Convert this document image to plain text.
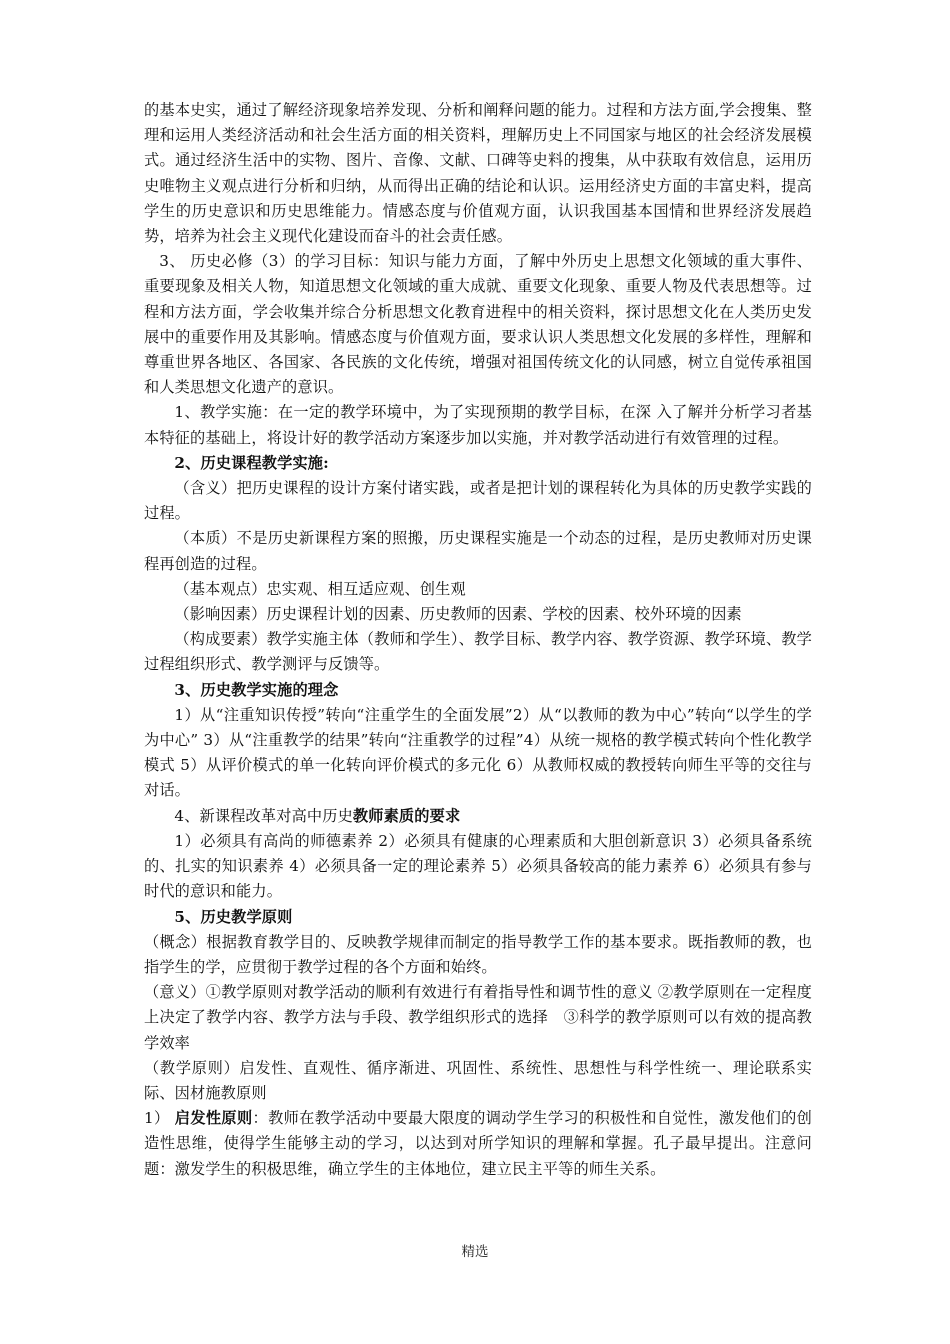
的基本史实，通过了解经济现象培养发现、分析和阐释问题的能力。过程和方法方面,学会搜集、整理和运用人类经济活动和社会生活方面的相关资料，理解历史上不同国家与地区的社会经济发展模式。通过经济生活中的实物、图片、音像、文献、口碑等史料的搜集，从中获取有效信息，运用历史唯物主义观点进行分析和归纳，从而得出正确的结论和认识。运用经济史方面的丰富史料，提高学生的历史意识和历史思维能力。情感态度与价值观方面，认识我国基本国情和世界经济发展趋势，培养为社会主义现代化建设而奋斗的社会责任感。

3、 历史必修（3）的学习目标：知识与能力方面，了解中外历史上思想文化领域的重大事件、重要现象及相关人物，知道思想文化领域的重大成就、重要文化现象、重要人物及代表思想等。过程和方法方面，学会收集并综合分析思想文化教育进程中的相关资料，探讨思想文化在人类历史发展中的重要作用及其影响。情感态度与价值观方面，要求认识人类思想文化发展的多样性，理解和尊重世界各地区、各国家、各民族的文化传统，增强对祖国传统文化的认同感，树立自觉传承祖国和人类思想文化遗产的意识。

1、教学实施：在一定的教学环境中，为了实现预期的教学目标，在深 入了解并分析学习者基本特征的基础上，将设计好的教学活动方案逐步加以实施，并对教学活动进行有效管理的过程。

2、历史课程教学实施:

（含义）把历史课程的设计方案付诸实践，或者是把计划的课程转化为具体的历史教学实践的过程。

（本质）不是历史新课程方案的照搬，历史课程实施是一个动态的过程，是历史教师对历史课程再创造的过程。

（基本观点）忠实观、相互适应观、创生观

（影响因素）历史课程计划的因素、历史教师的因素、学校的因素、校外环境的因素

（构成要素）教学实施主体（教师和学生）、教学目标、教学内容、教学资源、教学环境、教学过程组织形式、教学测评与反馈等。

3、历史教学实施的理念

1）从“注重知识传授”转向“注重学生的全面发展”2）从“以教师的教为中心”转向“以学生的学为中心” 3）从“注重教学的结果”转向“注重教学的过程”4）从统一规格的教学模式转向个性化教学模式 5）从评价模式的单一化转向评价模式的多元化 6）从教师权威的教授转向师生平等的交往与对话。

4、新课程改革对高中历史教师素质的要求

1）必须具有高尚的师德素养 2）必须具有健康的心理素质和大胆创新意识 3）必须具备系统的、扎实的知识素养 4）必须具备一定的理论素养 5）必须具备较高的能力素养 6）必须具有参与时代的意识和能力。

5、历史教学原则

（概念）根据教育教学目的、反映教学规律而制定的指导教学工作的基本要求。既指教师的教，也指学生的学，应贯彻于教学过程的各个方面和始终。

（意义）①教学原则对教学活动的顺利有效进行有着指导性和调节性的意义 ②教学原则在一定程度上决定了教学内容、教学方法与手段、教学组织形式的选择　③科学的教学原则可以有效的提高教学效率

（教学原则）启发性、直观性、循序渐进、巩固性、系统性、思想性与科学性统一、理论联系实际、因材施教原则

1） 启发性原则：教师在教学活动中要最大限度的调动学生学习的积极性和自觉性，激发他们的创造性思维，使得学生能够主动的学习，以达到对所学知识的理解和掌握。孔子最早提出。注意问题：激发学生的积极思维，确立学生的主体地位，建立民主平等的师生关系。

精选
